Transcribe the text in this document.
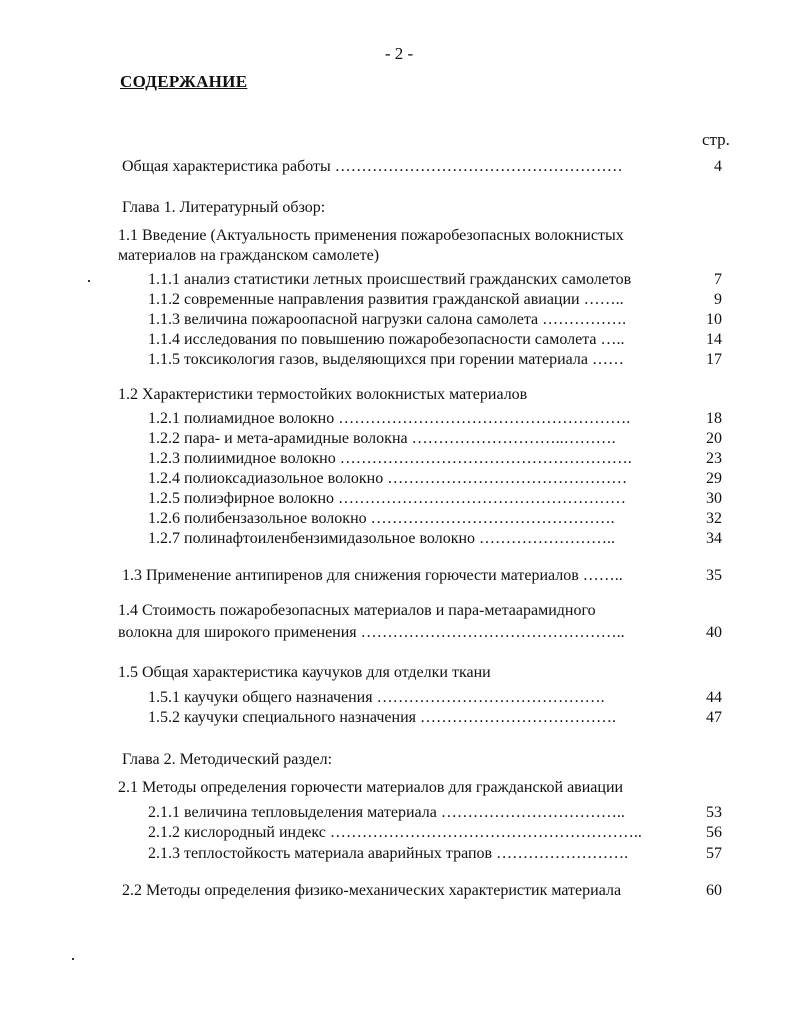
- 2 -
СОДЕРЖАНИЕ
стр.
Общая характеристика работы ………………………………………………	4
Глава 1. Литературный обзор:
1.1 Введение (Актуальность применения пожаробезопасных волокнистых
материалов на гражданском самолете)
1.1.1 анализ статистики летных происшествий гражданских самолетов	7
1.1.2 современные направления развития гражданской авиации ……..	9
1.1.3 величина пожароопасной нагрузки салона самолета …………….	10
1.1.4 исследования по повышению пожаробезопасности самолета …..	14
1.1.5 токсикология газов, выделяющихся при горении материала ……	17
1.2 Характеристики термостойких волокнистых материалов
1.2.1 полиамидное волокно ……………………………………………….	18
1.2.2 пара- и мета-арамидные волокна ………………………..……….	20
1.2.3 полиимидное волокно ……………………………………………….	23
1.2.4 полиоксадиазольное волокно ………………………………………	29
1.2.5 полиэфирное волокно ………………………………………………	30
1.2.6 полибензазольное волокно ……………………………………….	32
1.2.7 полинафтоиленбензимидазольное волокно ……………………..	34
1.3 Применение антипиренов для снижения горючести материалов ……..	35
1.4 Стоимость пожаробезопасных материалов и пара-метаарамидного
волокна для широкого применения …………………………………………..	40
1.5 Общая характеристика каучуков для отделки ткани
1.5.1 каучуки общего назначения …………………………………….	44
1.5.2 каучуки специального назначения ……………………………….	47
Глава 2. Методический раздел:
2.1 Методы определения горючести материалов для гражданской авиации
2.1.1 величина тепловыделения материала ……………………………..	53
2.1.2 кислородный индекс …………………………………………………..	56
2.1.3 теплостойкость материала аварийных трапов …………………….	57
2.2 Методы определения физико-механических характеристик материала	60
